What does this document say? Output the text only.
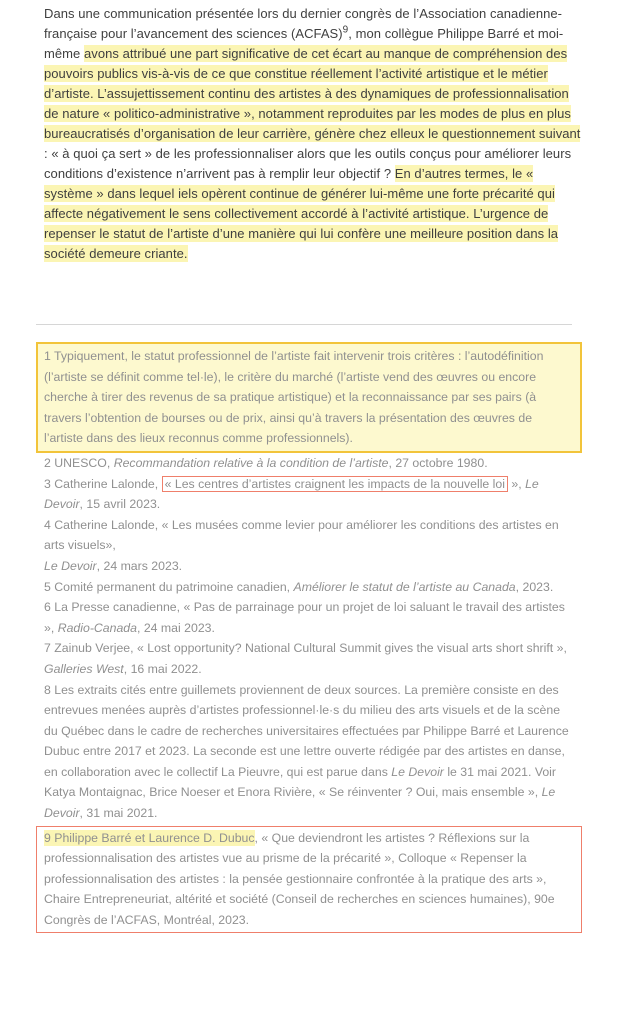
Dans une communication présentée lors du dernier congrès de l’Association canadienne-française pour l’avancement des sciences (ACFAS)$^9$, mon collègue Philippe Barré et moi-même avons attribué une part significative de cet écart au manque de compréhension des pouvoirs publics vis-à-vis de ce que constitue réellement l’activité artistique et le métier d’artiste. L’assujettissement continu des artistes à des dynamiques de professionnalisation de nature « politico-administrative », notamment reproduites par les modes de plus en plus bureaucratisés d’organisation de leur carrière, génère chez elleux le questionnement suivant : « à quoi ça sert » de les professionnaliser alors que les outils conçus pour améliorer leurs conditions d’existence n’arrivent pas à remplir leur objectif ? En d’autres termes, le « système » dans lequel iels opèrent continue de générer lui-même une forte précarité qui affecte négativement le sens collectivement accordé à l’activité artistique. L’urgence de repenser le statut de l’artiste d’une manière qui lui confère une meilleure position dans la société demeure criante.
1 Typiquement, le statut professionnel de l’artiste fait intervenir trois critères : l’autodéfinition (l’artiste se définit comme tel·le), le critère du marché (l’artiste vend des œuvres ou encore cherche à tirer des revenus de sa pratique artistique) et la reconnaissance par ses pairs (à travers l’obtention de bourses ou de prix, ainsi qu’à travers la présentation des œuvres de l’artiste dans des lieux reconnus comme professionnels).
2 UNESCO, Recommandation relative à la condition de l’artiste, 27 octobre 1980.
3 Catherine Lalonde, « Les centres d’artistes craignent les impacts de la nouvelle loi », Le Devoir, 15 avril 2023.
4 Catherine Lalonde, « Les musées comme levier pour améliorer les conditions des artistes en arts visuels»,
Le Devoir, 24 mars 2023.
5 Comité permanent du patrimoine canadien, Améliorer le statut de l’artiste au Canada, 2023.
6 La Presse canadienne, « Pas de parrainage pour un projet de loi saluant le travail des artistes », Radio-Canada, 24 mai 2023.
7 Zainub Verjee, « Lost opportunity? National Cultural Summit gives the visual arts short shrift », Galleries West, 16 mai 2022.
8 Les extraits cités entre guillemets proviennent de deux sources. La première consiste en des entrevues menées auprès d’artistes professionnel·le·s du milieu des arts visuels et de la scène du Québec dans le cadre de recherches universitaires effectuées par Philippe Barré et Laurence Dubuc entre 2017 et 2023. La seconde est une lettre ouverte rédigée par des artistes en danse, en collaboration avec le collectif La Pieuvre, qui est parue dans Le Devoir le 31 mai 2021. Voir Katya Montaignac, Brice Noeser et Enora Rivière, « Se réinventer ? Oui, mais ensemble », Le Devoir, 31 mai 2021.
9 Philippe Barré et Laurence D. Dubuc, « Que deviendront les artistes ? Réflexions sur la professionnalisation des artistes vue au prisme de la précarité », Colloque « Repenser la professionnalisation des artistes : la pensée gestionnaire confrontée à la pratique des arts », Chaire Entrepreneuriat, altérité et société (Conseil de recherches en sciences humaines), 90e Congrès de l’ACFAS, Montréal, 2023.
